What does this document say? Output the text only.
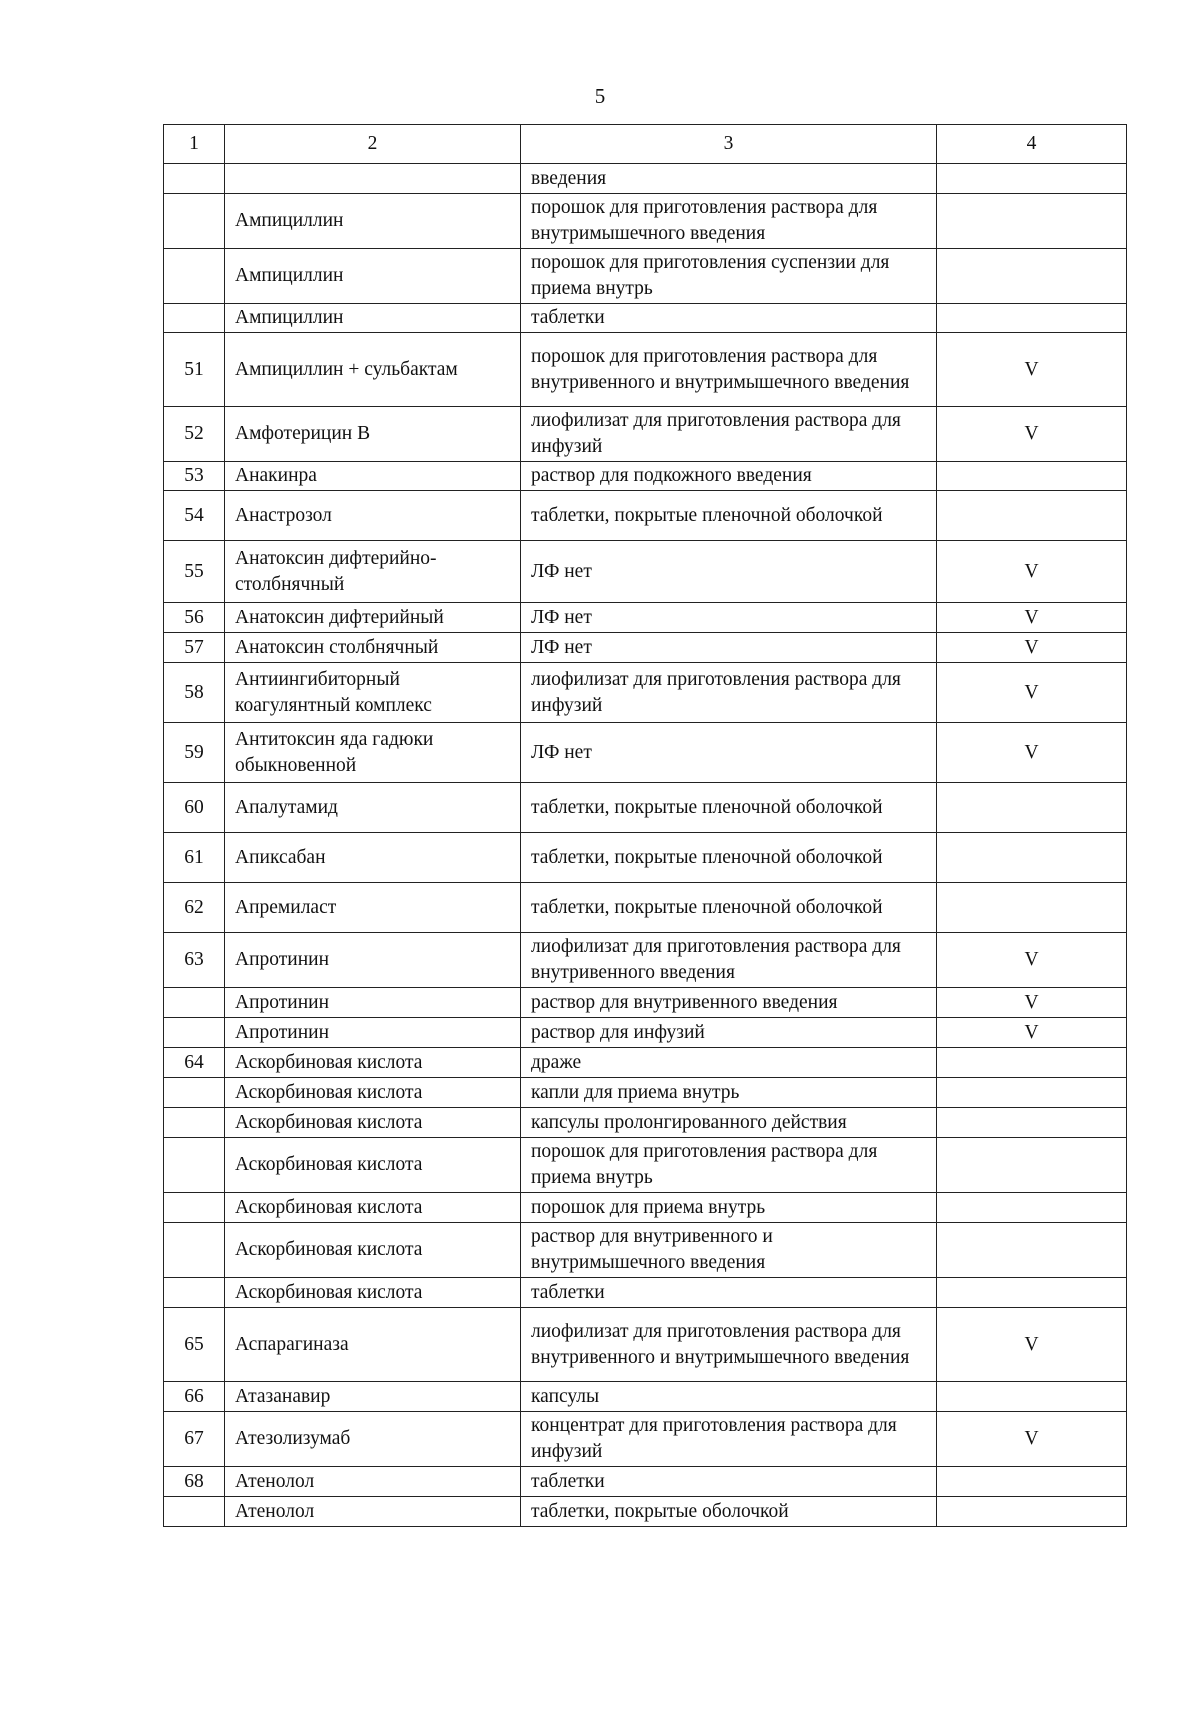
5
1	2	3	4
		введения	
	Ампициллин	порошок для приготовления раствора для внутримышечного введения	
	Ампициллин	порошок для приготовления суспензии для приема внутрь	
	Ампициллин	таблетки	
51	Ампициллин + сульбактам	порошок для приготовления раствора для внутривенного и внутримышечного введения	V
52	Амфотерицин В	лиофилизат для приготовления раствора для инфузий	V
53	Анакинра	раствор для подкожного введения	
54	Анастрозол	таблетки, покрытые пленочной оболочкой	
55	Анатоксин дифтерийно-столбнячный	ЛФ нет	V
56	Анатоксин дифтерийный	ЛФ нет	V
57	Анатоксин столбнячный	ЛФ нет	V
58	Антиингибиторный коагулянтный комплекс	лиофилизат для приготовления раствора для инфузий	V
59	Антитоксин яда гадюки обыкновенной	ЛФ нет	V
60	Апалутамид	таблетки, покрытые пленочной оболочкой	
61	Апиксабан	таблетки, покрытые пленочной оболочкой	
62	Апремиласт	таблетки, покрытые пленочной оболочкой	
63	Апротинин	лиофилизат для приготовления раствора для внутривенного введения	V
	Апротинин	раствор для внутривенного введения	V
	Апротинин	раствор для инфузий	V
64	Аскорбиновая кислота	драже	
	Аскорбиновая кислота	капли для приема внутрь	
	Аскорбиновая кислота	капсулы пролонгированного действия	
	Аскорбиновая кислота	порошок для приготовления раствора для приема внутрь	
	Аскорбиновая кислота	порошок для приема внутрь	
	Аскорбиновая кислота	раствор для внутривенного и внутримышечного введения	
	Аскорбиновая кислота	таблетки	
65	Аспарагиназа	лиофилизат для приготовления раствора для внутривенного и внутримышечного введения	V
66	Атазанавир	капсулы	
67	Атезолизумаб	концентрат для приготовления раствора для инфузий	V
68	Атенолол	таблетки	
	Атенолол	таблетки, покрытые оболочкой	
